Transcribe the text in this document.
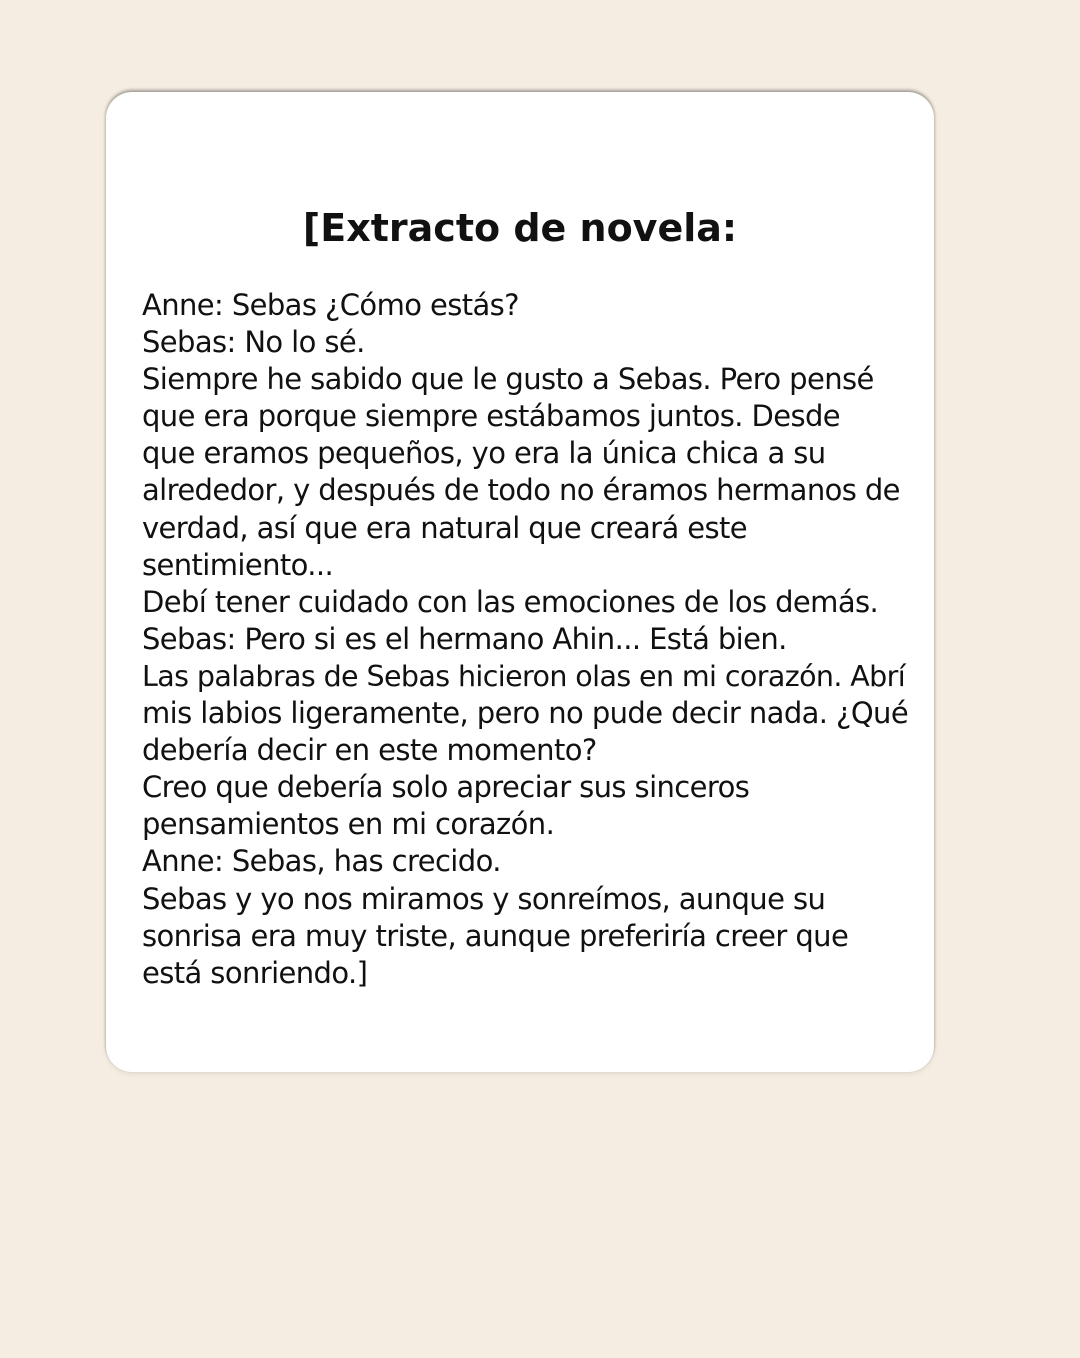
[Extracto de novela:
Anne: Sebas ¿Cómo estás?
Sebas: No lo sé.
Siempre he sabido que le gusto a Sebas. Pero pensé
que era porque siempre estábamos juntos. Desde
que eramos pequeños, yo era la única chica a su
alrededor, y después de todo no éramos hermanos de
verdad, así que era natural que creará este
sentimiento...
Debí tener cuidado con las emociones de los demás.
Sebas: Pero si es el hermano Ahin... Está bien.
Las palabras de Sebas hicieron olas en mi corazón. Abrí
mis labios ligeramente, pero no pude decir nada. ¿Qué
debería decir en este momento?
Creo que debería solo apreciar sus sinceros
pensamientos en mi corazón.
Anne: Sebas, has crecido.
Sebas y yo nos miramos y sonreímos, aunque su
sonrisa era muy triste, aunque preferiría creer que
está sonriendo.]
